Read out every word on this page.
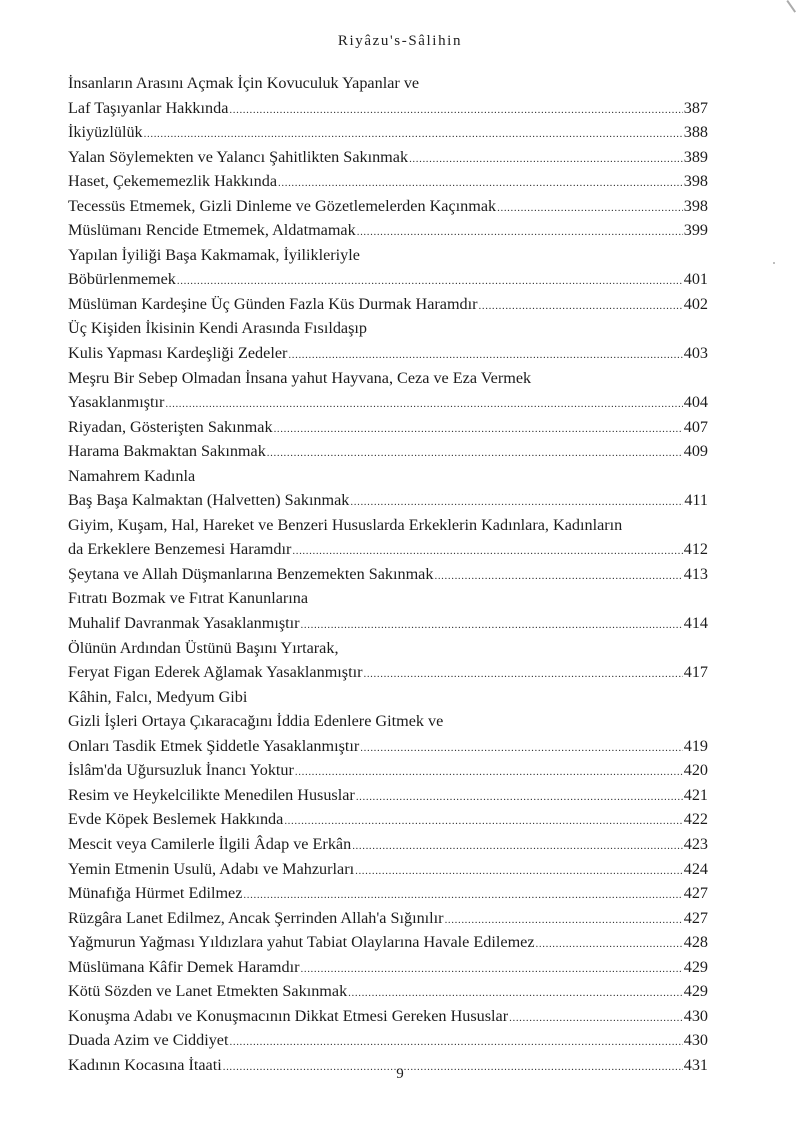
Riyâzu's-Sâlihin
İnsanların Arasını Açmak İçin Kovuculuk Yapanlar ve
Laf Taşıyanlar Hakkında .....	387
İkiyüzlülük .....	388
Yalan Söylemekten ve Yalancı Şahitlikten Sakınmak .....	389
Haset, Çekememezlik Hakkında .....	398
Tecessüs Etmemek, Gizli Dinleme ve Gözetlemelerden Kaçınmak .....	398
Müslümanı Rencide Etmemek, Aldatmamak .....	399
Yapılan İyiliği Başa Kakmamak, İyilikleriyle
Böbürlenmemek .....	401
Müslüman Kardeşine Üç Günden Fazla Küs Durmak Haramdır .....	402
Üç Kişiden İkisinin Kendi Arasında Fısıldaşıp
Kulis Yapması Kardeşliği Zedeler .....	403
Meşru Bir Sebep Olmadan İnsana yahut Hayvana, Ceza ve Eza Vermek
Yasaklanmıştır .....	404
Riyadan, Gösterişten Sakınmak .....	407
Harama Bakmaktan Sakınmak .....	409
Namahrem Kadınla
Baş Başa Kalmaktan (Halvetten) Sakınmak .....	411
Giyim, Kuşam, Hal, Hareket ve Benzeri Hususlarda Erkeklerin Kadınlara, Kadınların
da Erkeklere Benzemesi Haramdır .....	412
Şeytana ve Allah Düşmanlarına Benzemekten Sakınmak .....	413
Fıtratı Bozmak ve Fıtrat Kanunlarına
Muhalif Davranmak Yasaklanmıştır .....	414
Ölünün Ardından Üstünü Başını Yırtarak,
Feryat Figan Ederek Ağlamak Yasaklanmıştır .....	417
Kâhin, Falcı, Medyum Gibi
Gizli İşleri Ortaya Çıkaracağını İddia Edenlere Gitmek ve
Onları Tasdik Etmek Şiddetle Yasaklanmıştır .....	419
İslâm'da Uğursuzluk İnancı Yoktur .....	420
Resim ve Heykelcilikte Menedilen Hususlar .....	421
Evde Köpek Beslemek Hakkında .....	422
Mescit veya Camilerle İlgili Âdap ve Erkân .....	423
Yemin Etmenin Usulü, Adabı ve Mahzurları .....	424
Münafığa Hürmet Edilmez .....	427
Rüzgâra Lanet Edilmez, Ancak Şerrinden Allah'a Sığınılır .....	427
Yağmurun Yağması Yıldızlara yahut Tabiat Olaylarına Havale Edilemez .....	428
Müslümana Kâfir Demek Haramdır .....	429
Kötü Sözden ve Lanet Etmekten Sakınmak .....	429
Konuşma Adabı ve Konuşmacının Dikkat Etmesi Gereken Hususlar .....	430
Duada Azim ve Ciddiyet .....	430
Kadının Kocasına İtaati .....	431
9
